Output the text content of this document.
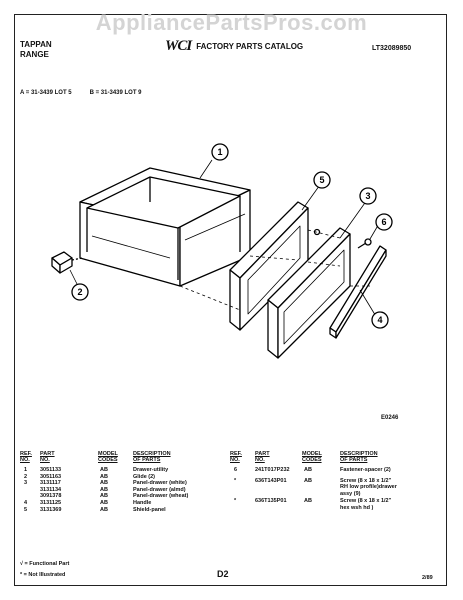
AppliancePartsPros.com
TAPPAN
RANGE
WCI FACTORY PARTS CATALOG	LT32089850
A = 31-3439 LOT 5	B = 31-3439 LOT 9
1
2
3
4
5
6
E0246
REF.
NO.
PART
NO.
MODEL
CODES
DESCRIPTION
OF PARTS
1 3051133	AB	Drawer-utility
2 3051163	AB	Glide (2)
3 3131117	AB	Panel-drawer (white)
3131134	AB	Panel-drawer (almd)
3091378	AB	Panel-drawer (wheat)
4 3131125	AB	Handle
5 3131369	AB	Shield-panel
REF.
NO.
PART
NO.
MODEL
CODES
DESCRIPTION
OF PARTS
6	241T017P232	AB	Fastener-spacer (2)
*	636T143P01	AB	Screw (8 x 18 x 1/2"
RH low profile)drawer
assy (9)
*	636T135P01	AB	Screw (8 x 18 x 1/2"
hex wsh hd )
√ = Functional Part
* = Not Illustrated	D2	2/89
